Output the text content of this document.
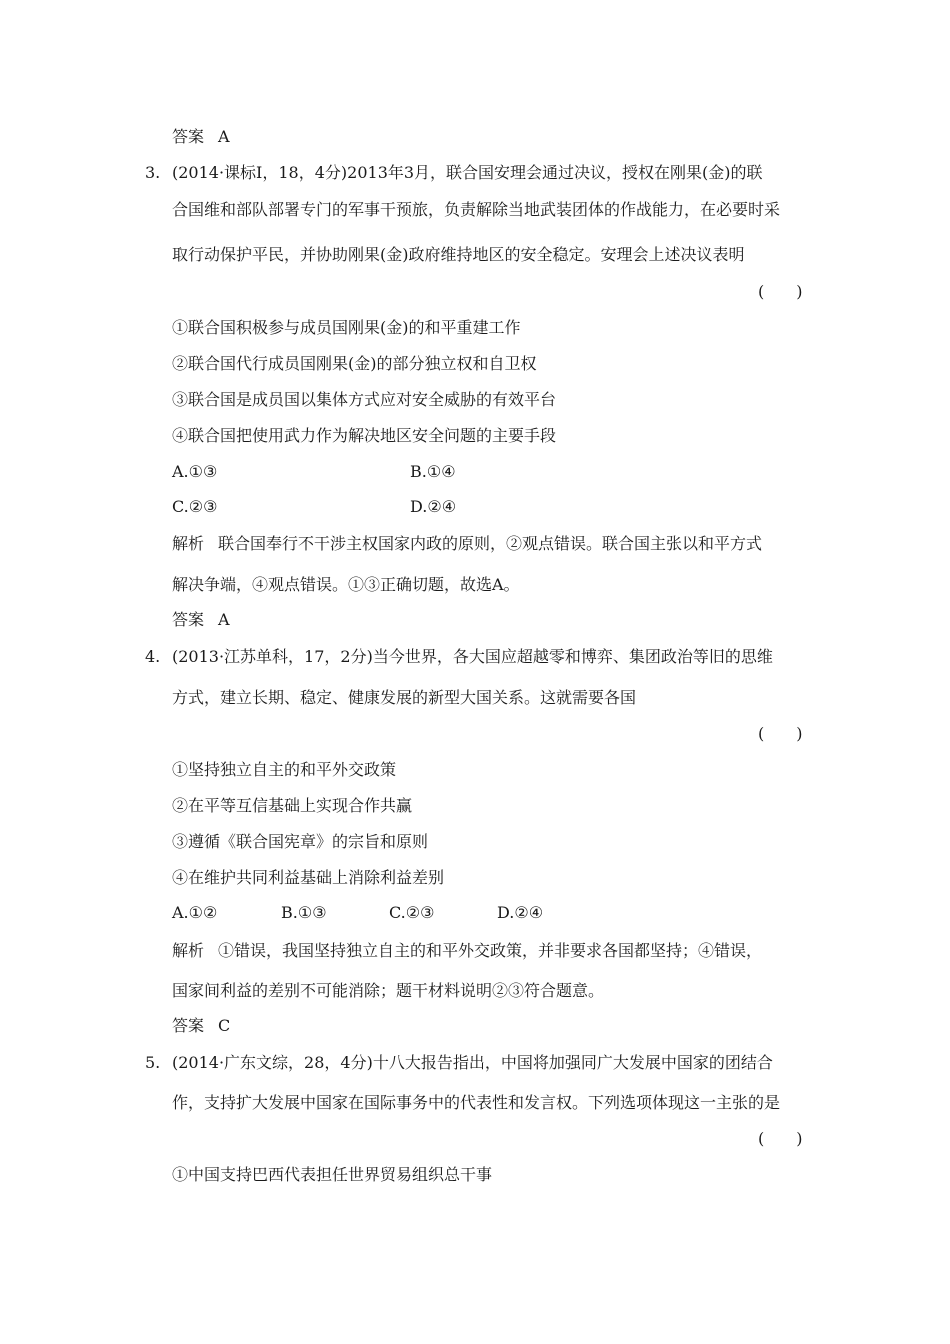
答案 A
3. (2014·课标Ⅰ，18，4分)2013年3月，联合国安理会通过决议，授权在刚果(金)的联
合国维和部队部署专门的军事干预旅，负责解除当地武装团体的作战能力，在必要时采
取行动保护平民，并协助刚果(金)政府维持地区的安全稳定。安理会上述决议表明
(　　)
①联合国积极参与成员国刚果(金)的和平重建工作
②联合国代行成员国刚果(金)的部分独立权和自卫权
③联合国是成员国以集体方式应对安全威胁的有效平台
④联合国把使用武力作为解决地区安全问题的主要手段
A.①③	B.①④
C.②③	D.②④
解析 联合国奉行不干涉主权国家内政的原则，②观点错误。联合国主张以和平方式
解决争端，④观点错误。①③正确切题，故选A。
答案 A
4. (2013·江苏单科，17，2分)当今世界，各大国应超越零和博弈、集团政治等旧的思维
方式，建立长期、稳定、健康发展的新型大国关系。这就需要各国
(　　)
①坚持独立自主的和平外交政策
②在平等互信基础上实现合作共赢
③遵循《联合国宪章》的宗旨和原则
④在维护共同利益基础上消除利益差别
A.①②	B.①③	C.②③	D.②④
解析 ①错误，我国坚持独立自主的和平外交政策，并非要求各国都坚持；④错误，
国家间利益的差别不可能消除；题干材料说明②③符合题意。
答案 C
5. (2014·广东文综，28，4分)十八大报告指出，中国将加强同广大发展中国家的团结合
作，支持扩大发展中国家在国际事务中的代表性和发言权。下列选项体现这一主张的是
(　　)
①中国支持巴西代表担任世界贸易组织总干事
